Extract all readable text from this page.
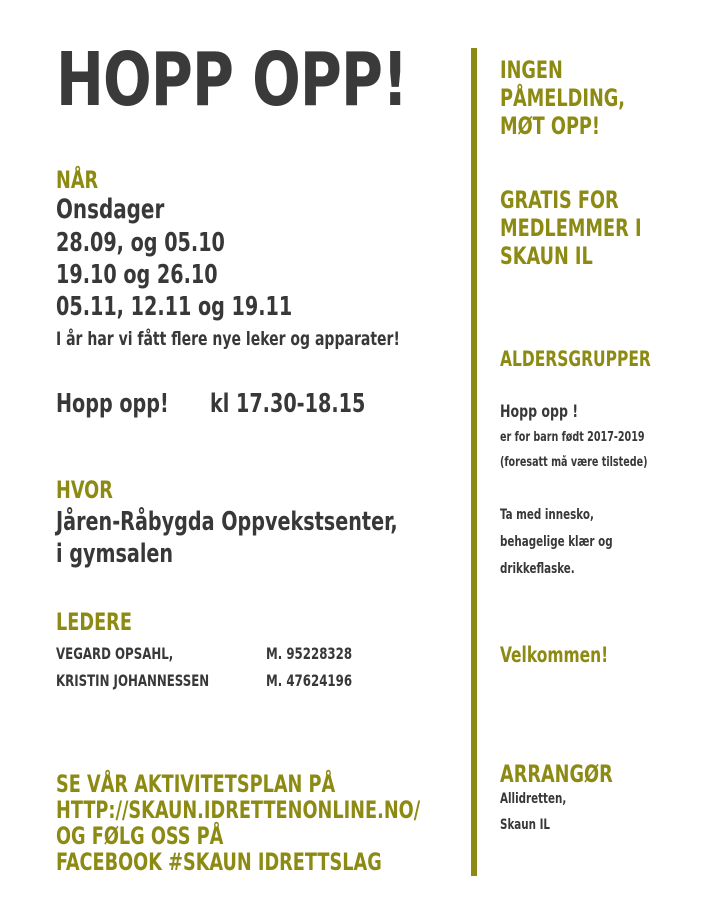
HOPP OPP!
NÅR
Onsdager
28.09, og 05.10
19.10 og 26.10
05.11, 12.11 og 19.11
I år har vi fått flere nye leker og apparater!
Hopp opp! kl 17.30-18.15
HVOR
Jåren-Råbygda Oppvekstsenter,
i gymsalen
LEDERE
VEGARD OPSAHL,	M. 95228328
KRISTIN JOHANNESSEN	M. 47624196
SE VÅR AKTIVITETSPLAN PÅ
HTTP://SKAUN.IDRETTENONLINE.NO/
OG FØLG OSS PÅ
FACEBOOK #SKAUN IDRETTSLAG
INGEN
PÅMELDING,
MØT OPP!
GRATIS FOR
MEDLEMMER I
SKAUN IL
ALDERSGRUPPER
Hopp opp !
er for barn født 2017-2019
(foresatt må være tilstede)
Ta med innesko,
behagelige klær og
drikkeflaske.
Velkommen!
ARRANGØR
Allidretten,
Skaun IL
